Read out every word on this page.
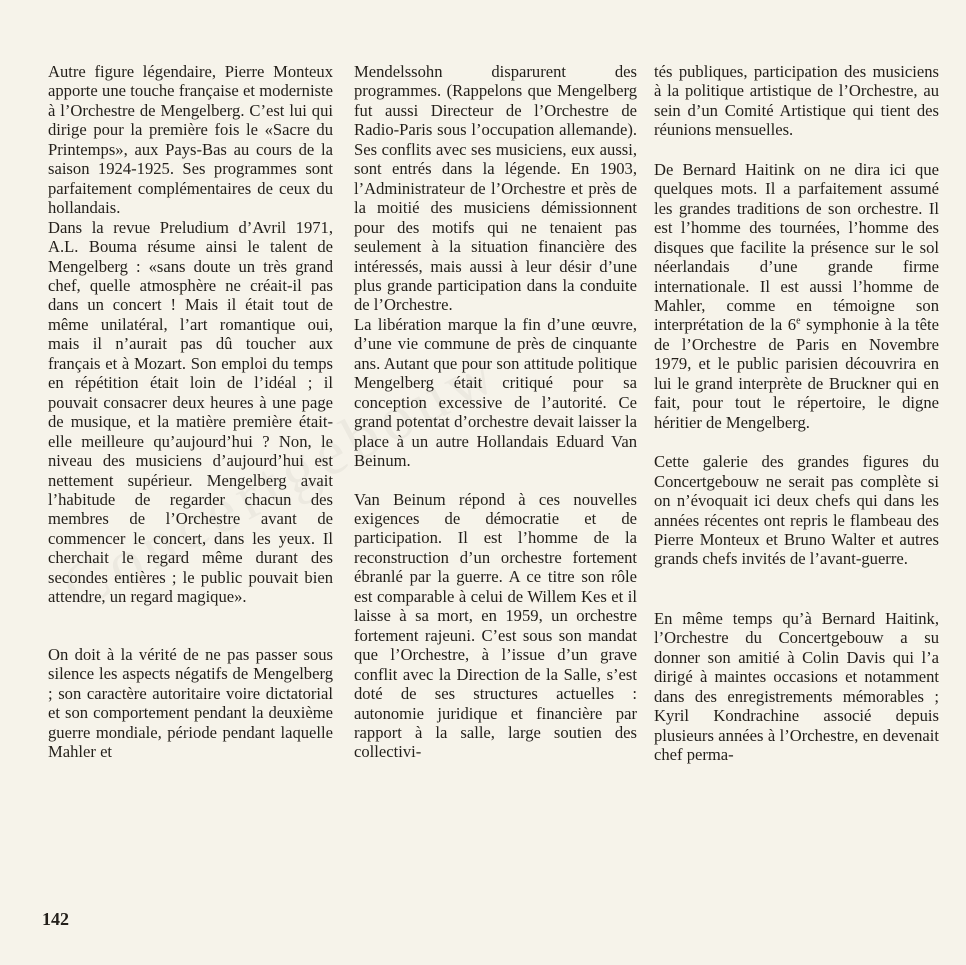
Autre figure légendaire, Pierre Monteux apporte une touche française et moderniste à l’Orchestre de Mengelberg. C’est lui qui dirige pour la première fois le «Sacre du Printemps», aux Pays-Bas au cours de la saison 1924-1925. Ses programmes sont parfaitement complémentaires de ceux du hollandais.

Dans la revue Preludium d’Avril 1971, A.L. Bouma résume ainsi le talent de Mengelberg : «sans doute un très grand chef, quelle atmosphère ne créait-il pas dans un concert ! Mais il était tout de même unilatéral, l’art romantique oui, mais il n’aurait pas dû toucher aux français et à Mozart. Son emploi du temps en répétition était loin de l’idéal ; il pouvait consacrer deux heures à une page de musique, et la matière première était-elle meilleure qu’aujourd’hui ? Non, le niveau des musiciens d’aujourd’hui est nettement supérieur. Mengelberg avait l’habitude de regarder chacun des membres de l’Orchestre avant de commencer le concert, dans les yeux. Il cherchait le regard même durant des secondes entières ; le public pouvait bien attendre, un regard magique».

On doit à la vérité de ne pas passer sous silence les aspects négatifs de Mengelberg ; son caractère autoritaire voire dictatorial et son comportement pendant la deuxième guerre mondiale, période pendant laquelle Mahler et

Mendelssohn disparurent des programmes. (Rappelons que Mengelberg fut aussi Directeur de l’Orchestre de Radio-Paris sous l’occupation allemande). Ses conflits avec ses musiciens, eux aussi, sont entrés dans la légende. En 1903, l’Administrateur de l’Orchestre et près de la moitié des musiciens démissionnent pour des motifs qui ne tenaient pas seulement à la situation financière des intéressés, mais aussi à leur désir d’une plus grande participation dans la conduite de l’Orchestre.

La libération marque la fin d’une œuvre, d’une vie commune de près de cinquante ans. Autant que pour son attitude politique Mengelberg était critiqué pour sa conception excessive de l’autorité. Ce grand potentat d’orchestre devait laisser la place à un autre Hollandais Eduard Van Beinum.

Van Beinum répond à ces nouvelles exigences de démocratie et de participation. Il est l’homme de la reconstruction d’un orchestre fortement ébranlé par la guerre. A ce titre son rôle est comparable à celui de Willem Kes et il laisse à sa mort, en 1959, un orchestre fortement rajeuni. C’est sous son mandat que l’Orchestre, à l’issue d’un grave conflit avec la Direction de la Salle, s’est doté de ses structures actuelles : autonomie juridique et financière par rapport à la salle, large soutien des collectivi-

tés publiques, participation des musiciens à la politique artistique de l’Orchestre, au sein d’un Comité Artistique qui tient des réunions mensuelles.

De Bernard Haitink on ne dira ici que quelques mots. Il a parfaitement assumé les grandes traditions de son orchestre. Il est l’homme des tournées, l’homme des disques que facilite la présence sur le sol néerlandais d’une grande firme internationale. Il est aussi l’homme de Mahler, comme en témoigne son interprétation de la 6e symphonie à la tête de l’Orchestre de Paris en Novembre 1979, et le public parisien découvrira en lui le grand interprète de Bruckner qui en fait, pour tout le répertoire, le digne héritier de Mengelberg.

Cette galerie des grandes figures du Concertgebouw ne serait pas complète si on n’évoquait ici deux chefs qui dans les années récentes ont repris le flambeau des Pierre Monteux et Bruno Walter et autres grands chefs invités de l’avant-guerre.

En même temps qu’à Bernard Haitink, l’Orchestre du Concertgebouw a su donner son amitié à Colin Davis qui l’a dirigé à maintes occasions et notamment dans des enregistrements mémorables ; Kyril Kondrachine associé depuis plusieurs années à l’Orchestre, en devenait chef perma-

142
